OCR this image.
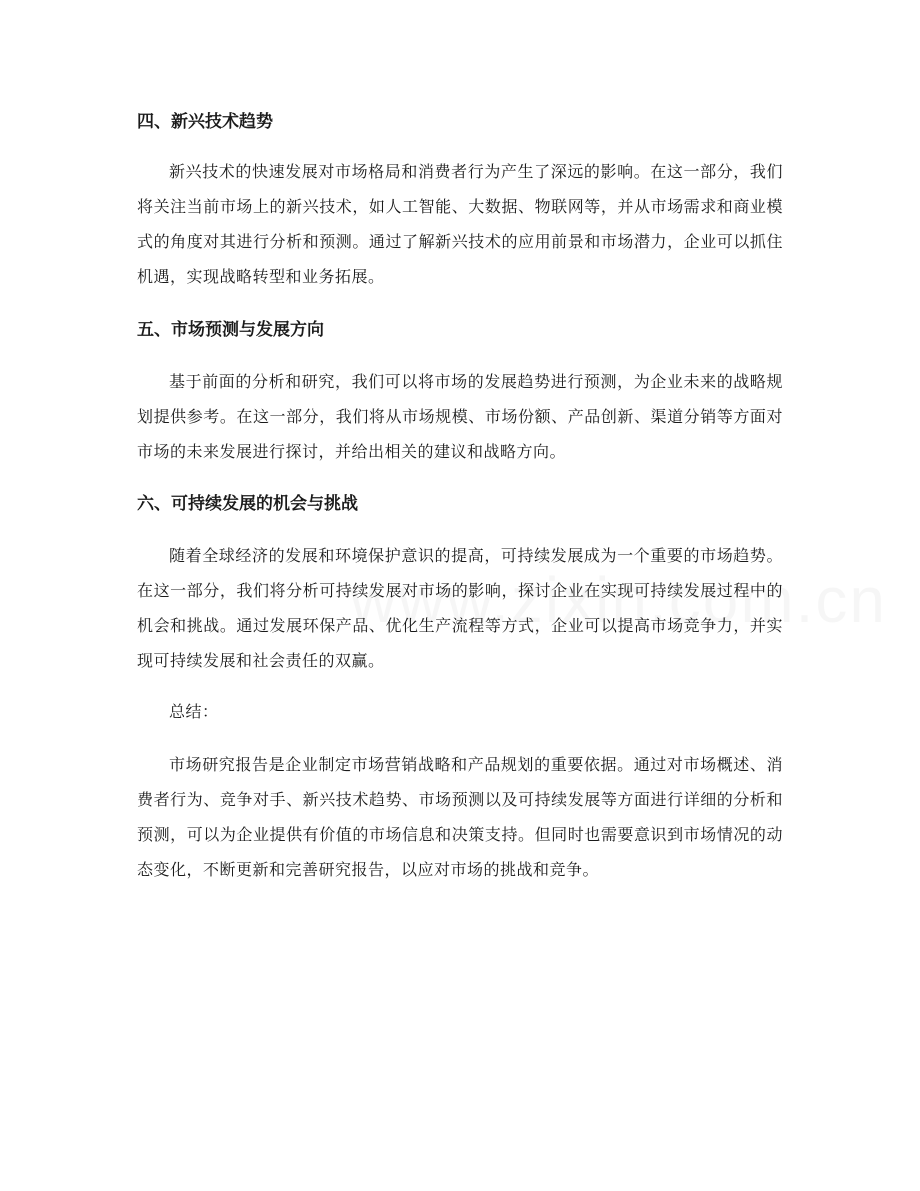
四、新兴技术趋势

新兴技术的快速发展对市场格局和消费者行为产生了深远的影响。在这一部分，我们将关注当前市场上的新兴技术，如人工智能、大数据、物联网等，并从市场需求和商业模式的角度对其进行分析和预测。通过了解新兴技术的应用前景和市场潜力，企业可以抓住机遇，实现战略转型和业务拓展。

五、市场预测与发展方向

基于前面的分析和研究，我们可以将市场的发展趋势进行预测，为企业未来的战略规划提供参考。在这一部分，我们将从市场规模、市场份额、产品创新、渠道分销等方面对市场的未来发展进行探讨，并给出相关的建议和战略方向。

六、可持续发展的机会与挑战

随着全球经济的发展和环境保护意识的提高，可持续发展成为一个重要的市场趋势。在这一部分，我们将分析可持续发展对市场的影响，探讨企业在实现可持续发展过程中的机会和挑战。通过发展环保产品、优化生产流程等方式，企业可以提高市场竞争力，并实现可持续发展和社会责任的双赢。

总结：

市场研究报告是企业制定市场营销战略和产品规划的重要依据。通过对市场概述、消费者行为、竞争对手、新兴技术趋势、市场预测以及可持续发展等方面进行详细的分析和预测，可以为企业提供有价值的市场信息和决策支持。但同时也需要意识到市场情况的动态变化，不断更新和完善研究报告，以应对市场的挑战和竞争。
